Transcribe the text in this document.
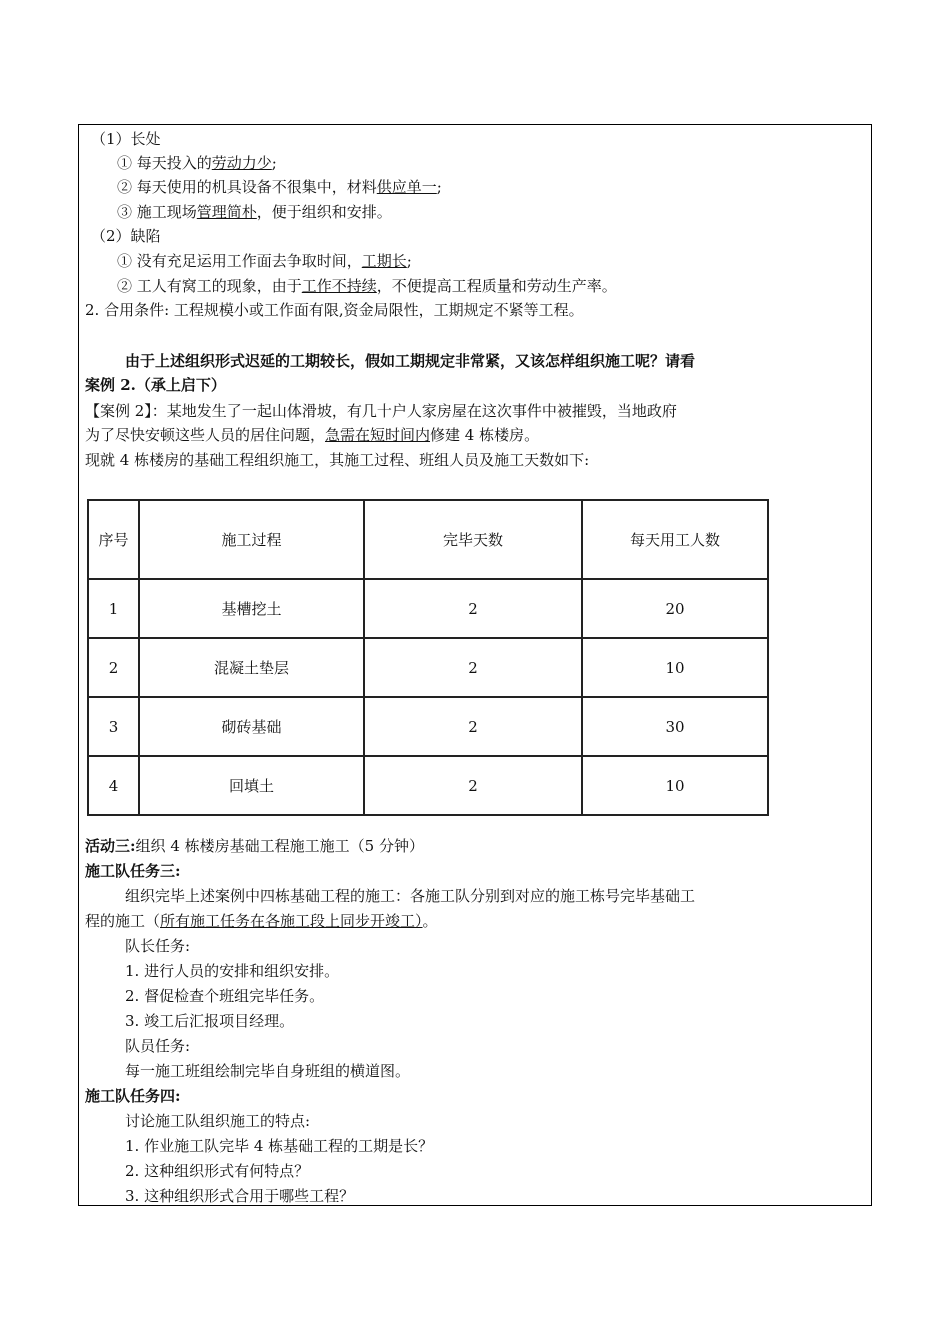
（1）长处
① 每天投入的劳动力少;
② 每天使用的机具设备不很集中，材料供应单一;
③ 施工现场管理简朴，便于组织和安排。
（2）缺陷
① 没有充足运用工作面去争取时间，工期长;
② 工人有窝工的现象，由于工作不持续，不便提高工程质量和劳动生产率。
2. 合用条件: 工程规模小或工作面有限,资金局限性，工期规定不紧等工程。
由于上述组织形式迟延的工期较长，假如工期规定非常紧，又该怎样组织施工呢？请看
案例 2.（承上启下）
【案例 2】：某地发生了一起山体滑坡，有几十户人家房屋在这次事件中被摧毁，当地政府
为了尽快安顿这些人员的居住问题，急需在短时间内修建 4 栋楼房。
现就 4 栋楼房的基础工程组织施工，其施工过程、班组人员及施工天数如下:
序号	施工过程	完毕天数	每天用工人数
1	基槽挖土	2	20
2	混凝土垫层	2	10
3	砌砖基础	2	30
4	回填土	2	10
活动三:组织 4 栋楼房基础工程施工施工（5 分钟）
施工队任务三:
组织完毕上述案例中四栋基础工程的施工：各施工队分别到对应的施工栋号完毕基础工
程的施工（所有施工任务在各施工段上同步开竣工）。
队长任务:
1. 进行人员的安排和组织安排。
2. 督促检查个班组完毕任务。
3. 竣工后汇报项目经理。
队员任务:
每一施工班组绘制完毕自身班组的横道图。
施工队任务四:
讨论施工队组织施工的特点:
1. 作业施工队完毕 4 栋基础工程的工期是长？
2. 这种组织形式有何特点？
3. 这种组织形式合用于哪些工程？
